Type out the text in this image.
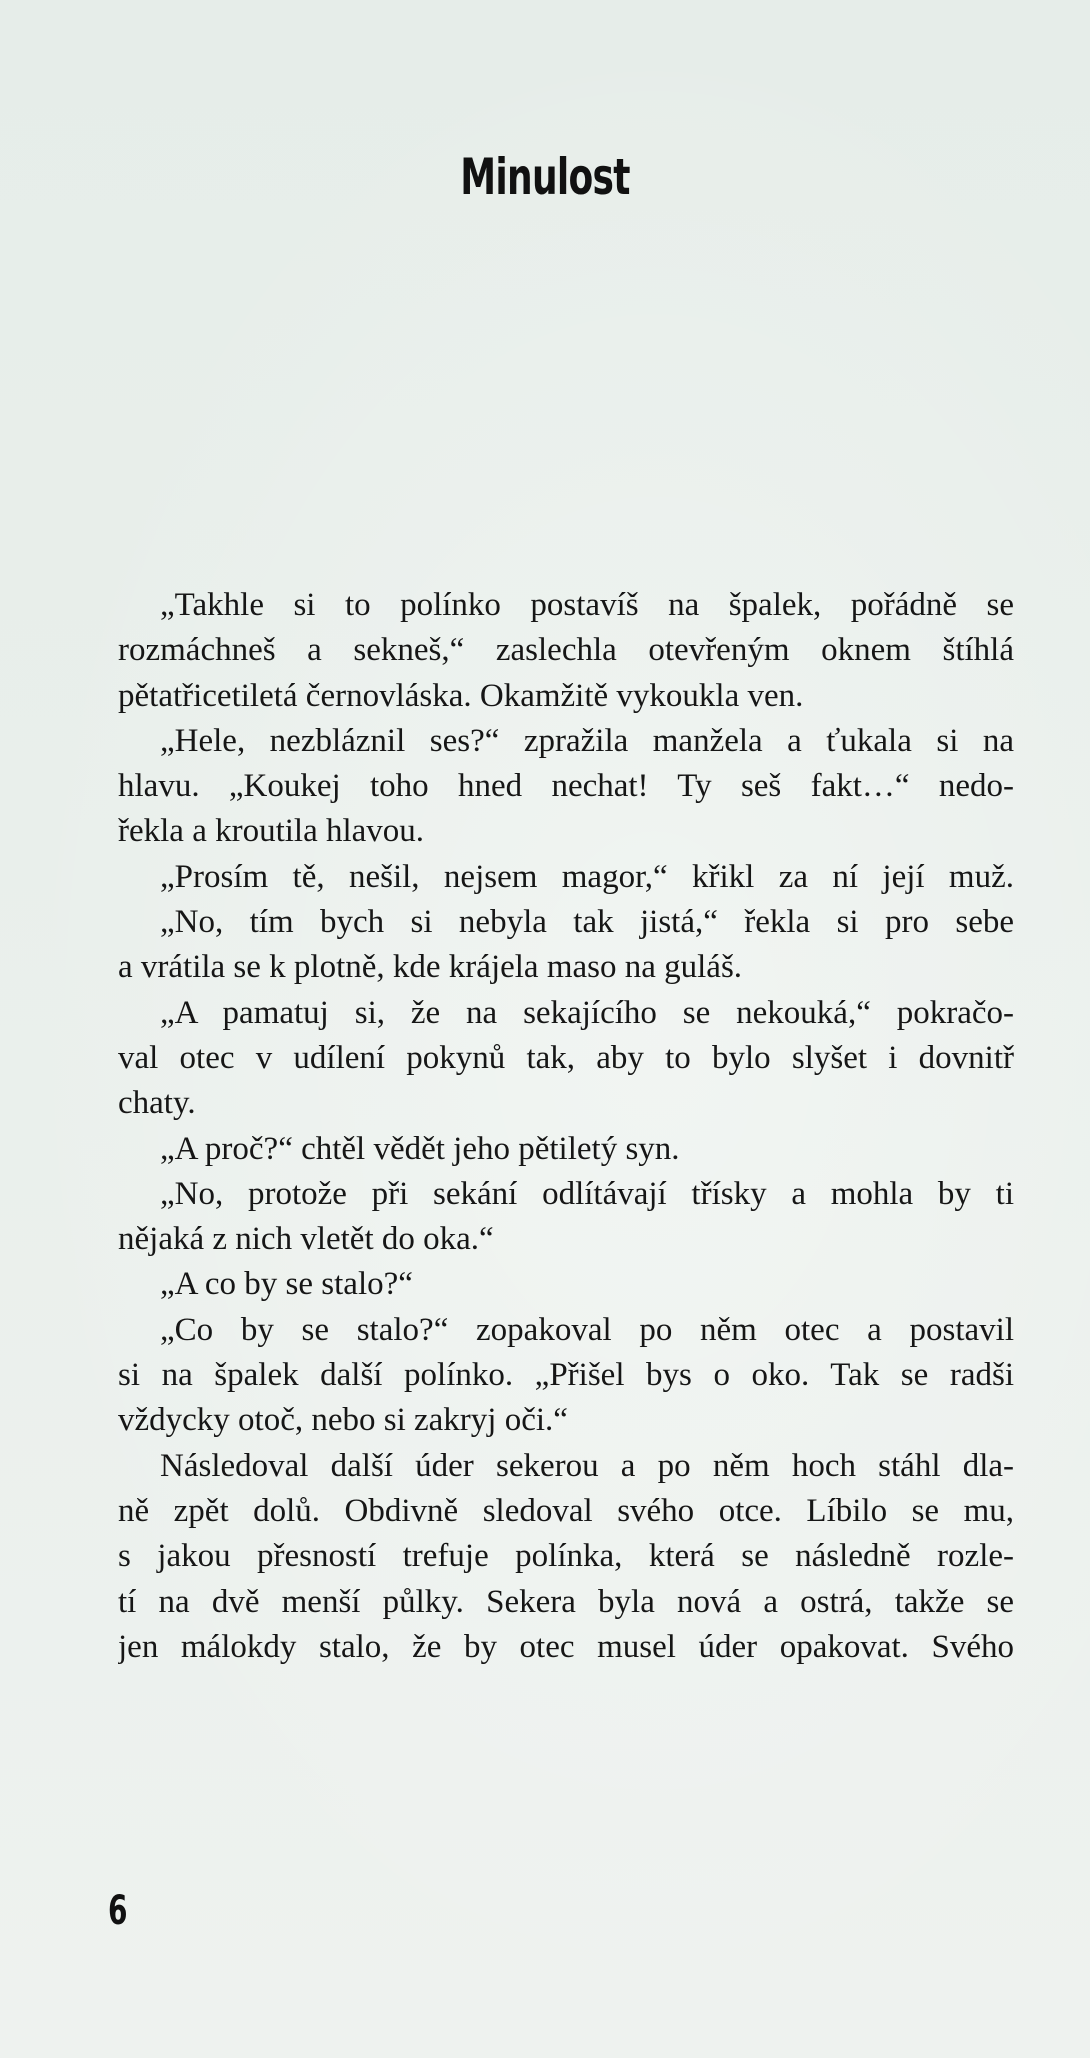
Minulost
„Takhle si to polínko postavíš na špalek, pořádně se
rozmáchneš a sekneš,“ zaslechla otevřeným oknem štíhlá
pětatřicetiletá černovláska. Okamžitě vykoukla ven.
„Hele, nezbláznil ses?“ zpražila manžela a ťukala si na
hlavu. „Koukej toho hned nechat! Ty seš fakt…“ nedo-
řekla a kroutila hlavou.
„Prosím tě, nešil, nejsem magor,“ křikl za ní její muž.
„No, tím bych si nebyla tak jistá,“ řekla si pro sebe
a vrátila se k plotně, kde krájela maso na guláš.
„A pamatuj si, že na sekajícího se nekouká,“ pokračo-
val otec v udílení pokynů tak, aby to bylo slyšet i dovnitř
chaty.
„A proč?“ chtěl vědět jeho pětiletý syn.
„No, protože při sekání odlítávají třísky a mohla by ti
nějaká z nich vletět do oka.“
„A co by se stalo?“
„Co by se stalo?“ zopakoval po něm otec a postavil
si na špalek další polínko. „Přišel bys o oko. Tak se radši
vždycky otoč, nebo si zakryj oči.“
Následoval další úder sekerou a po něm hoch stáhl dla-
ně zpět dolů. Obdivně sledoval svého otce. Líbilo se mu,
s jakou přesností trefuje polínka, která se následně rozle-
tí na dvě menší půlky. Sekera byla nová a ostrá, takže se
jen málokdy stalo, že by otec musel úder opakovat. Svého
6
